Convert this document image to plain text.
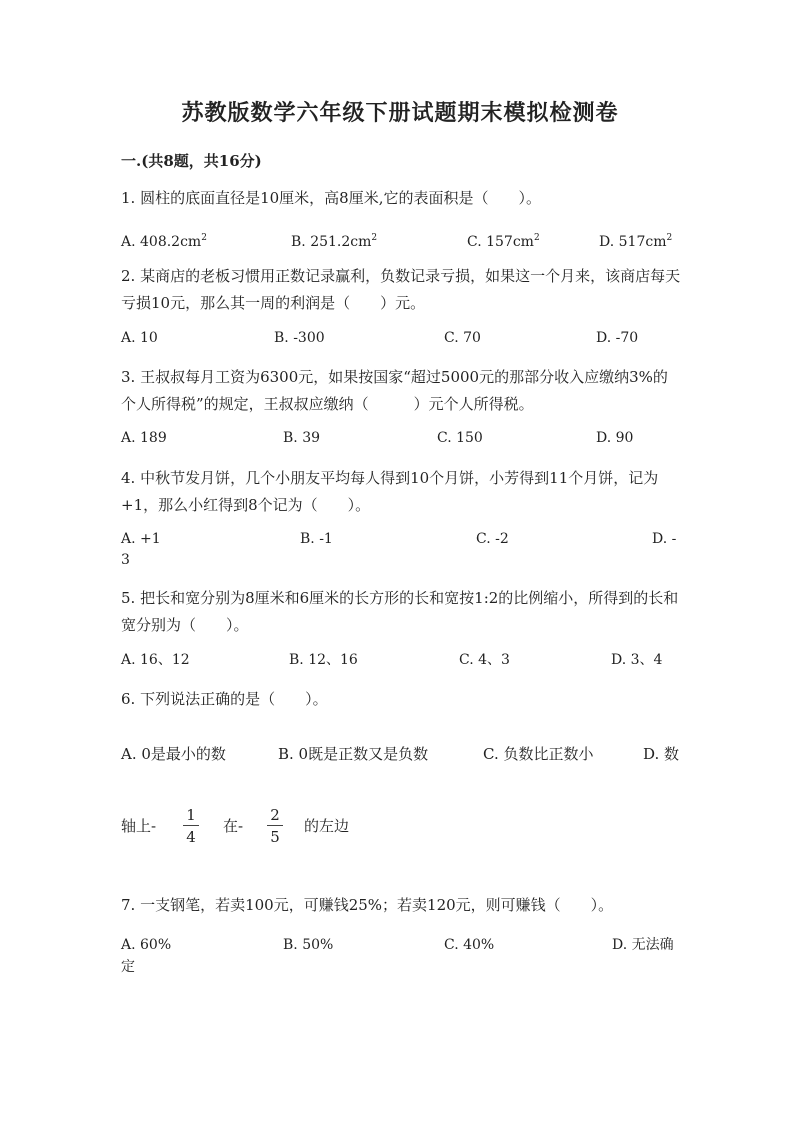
苏教版数学六年级下册试题期末模拟检测卷
一.(共8题，共16分)
1. 圆柱的底面直径是10厘米，高8厘米,它的表面积是（　　）。
A. $408.2cm^2$	B. $251.2cm^2$	C. $157cm^2$	D. $517cm^2$
2. 某商店的老板习惯用正数记录赢利，负数记录亏损，如果这一个月来，该商店每天亏损10元，那么其一周的利润是（　　）元。
A. 10	B. -300	C. 70	D. -70
3. 王叔叔每月工资为6300元，如果按国家“超过5000元的那部分收入应缴纳3%的个人所得税”的规定，王叔叔应缴纳（　　　）元个人所得税。
A. 189	B. 39	C. 150	D. 90
4. 中秋节发月饼，几个小朋友平均每人得到10个月饼，小芳得到11个月饼，记为+1，那么小红得到8个记为（　　）。
A. +1	B. -1	C. -2	D. -
3
5. 把长和宽分别为8厘米和6厘米的长方形的长和宽按1:2的比例缩小，所得到的长和宽分别为（　　）。
A. 16、12	B. 12、16	C. 4、3	D. 3、4
6. 下列说法正确的是（　　）。
A. 0是最小的数	B. 0既是正数又是负数	C. 负数比正数小	D. 数
轴上-
1
4
在-
2
5
的左边
7. 一支钢笔，若卖100元，可赚钱25%；若卖120元，则可赚钱（　　）。
A. 60%	B. 50%	C. 40%	D. 无法确
定
